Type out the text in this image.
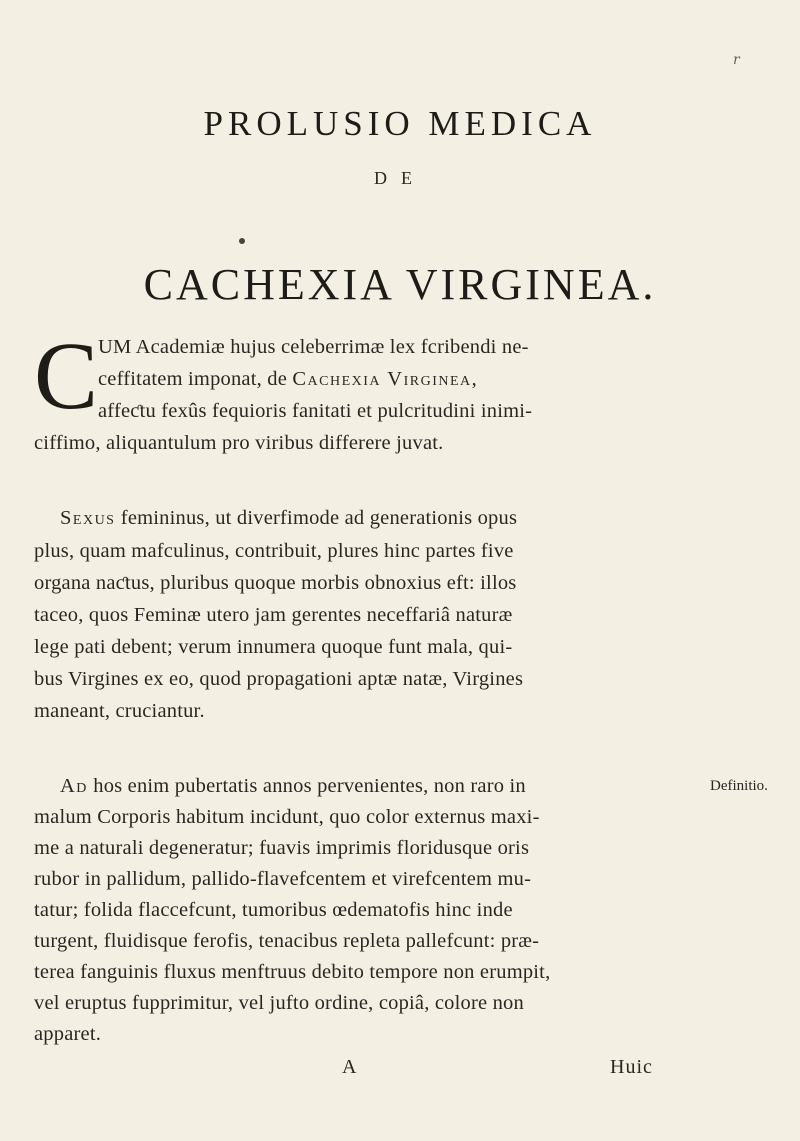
r
PROLUSIO MEDICA
DE
CACHEXIA VIRGINEA.
C UM Academiæ hujus celeberrimæ lex fcribendi ne-
ceffitatem imponat, de Cachexia Virginea,
affeƈtu fexûs fequioris fanitati et pulcritudini inimi-
ciffimo, aliquantulum pro viribus differere juvat.
Sexus femininus, ut diverfimode ad generationis opus
plus, quam mafculinus, contribuit, plures hinc partes five
organa naƈtus, pluribus quoque morbis obnoxius eft: illos
taceo, quos Feminæ utero jam gerentes neceffariâ naturæ
lege pati debent; verum innumera quoque funt mala, qui-
bus Virgines ex eo, quod propagationi aptæ natæ, Virgines
maneant, cruciantur.
Ad hos enim pubertatis annos pervenientes, non raro in
malum Corporis habitum incidunt, quo color externus maxi-
me a naturali degeneratur; fuavis imprimis floridusque oris
rubor in pallidum, pallido-flavefcentem et virefcentem mu-
tatur; folida flaccefcunt, tumoribus œdematofis hinc inde
turgent, fluidisque ferofis, tenacibus repleta pallefcunt: præ-
terea fanguinis fluxus menftruus debito tempore non erumpit,
vel eruptus fupprimitur, vel jufto ordine, copiâ, colore non
apparet.
Definitio.
A	Huic
